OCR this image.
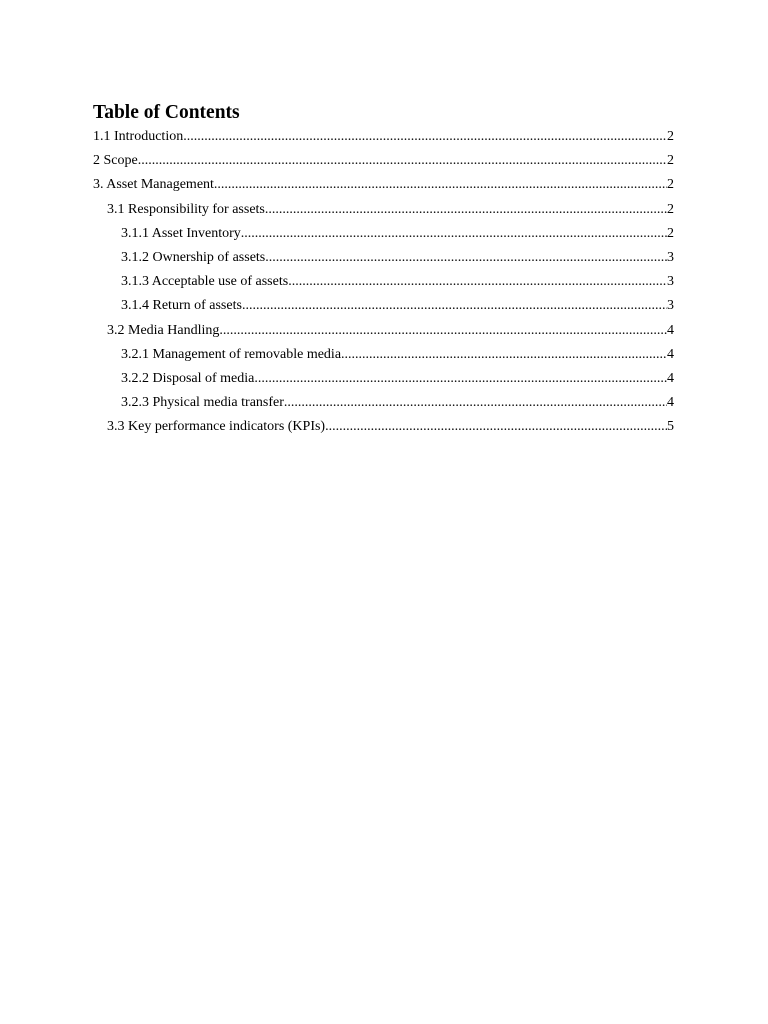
Table of Contents
1.1 Introduction .....	2
2 Scope .....	2
3. Asset Management .....	2
3.1 Responsibility for assets .....	2
3.1.1 Asset Inventory .....	2
3.1.2 Ownership of assets .....	3
3.1.3 Acceptable use of assets .....	3
3.1.4 Return of assets .....	3
3.2 Media Handling .....	4
3.2.1 Management of removable media .....	4
3.2.2 Disposal of media .....	4
3.2.3 Physical media transfer .....	4
3.3 Key performance indicators (KPIs) .....	5
